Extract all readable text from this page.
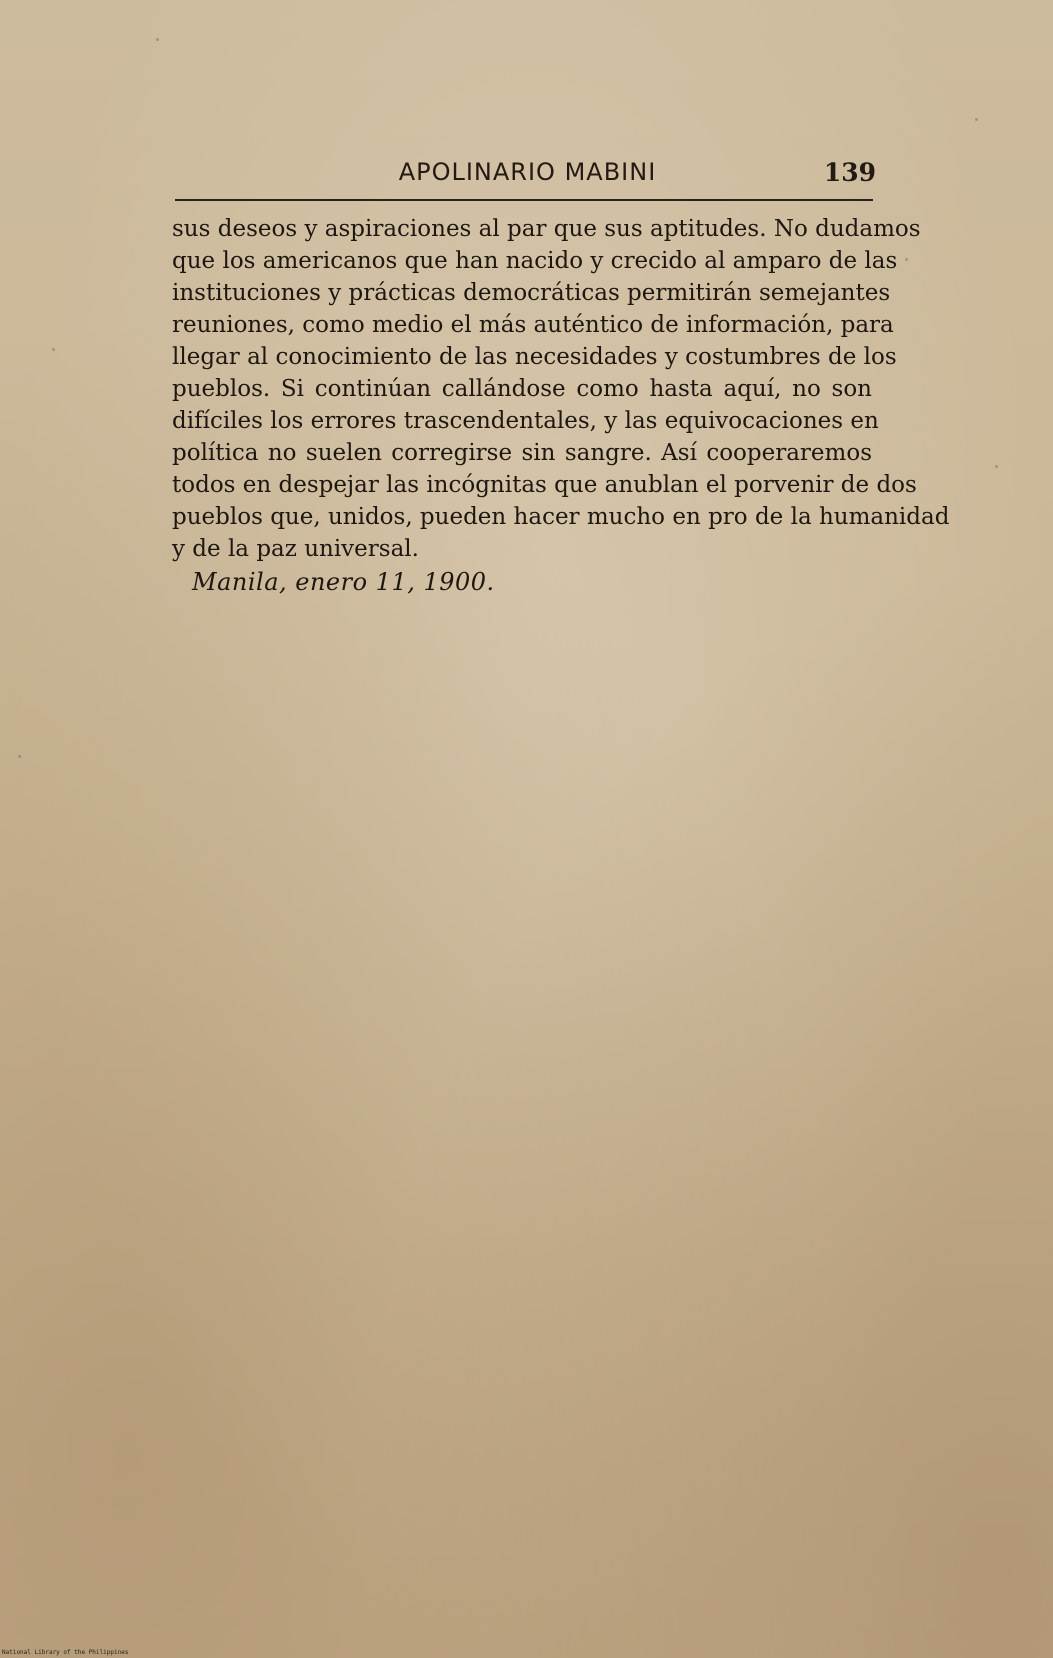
APOLINARIO MABINI	139
sus deseos y aspiraciones al par que sus aptitudes. No dudamos
que los americanos que han nacido y crecido al amparo de las
instituciones y prácticas democráticas permitirán semejantes
reuniones, como medio el más auténtico de información, para
llegar al conocimiento de las necesidades y costumbres de los
pueblos. Si continúan callándose como hasta aquí, no son
difíciles los errores trascendentales, y las equivocaciones en
política no suelen corregirse sin sangre. Así cooperaremos
todos en despejar las incógnitas que anublan el porvenir de dos
pueblos que, unidos, pueden hacer mucho en pro de la humanidad
y de la paz universal.
Manila, enero 11, 1900.
National Library of the Philippines
